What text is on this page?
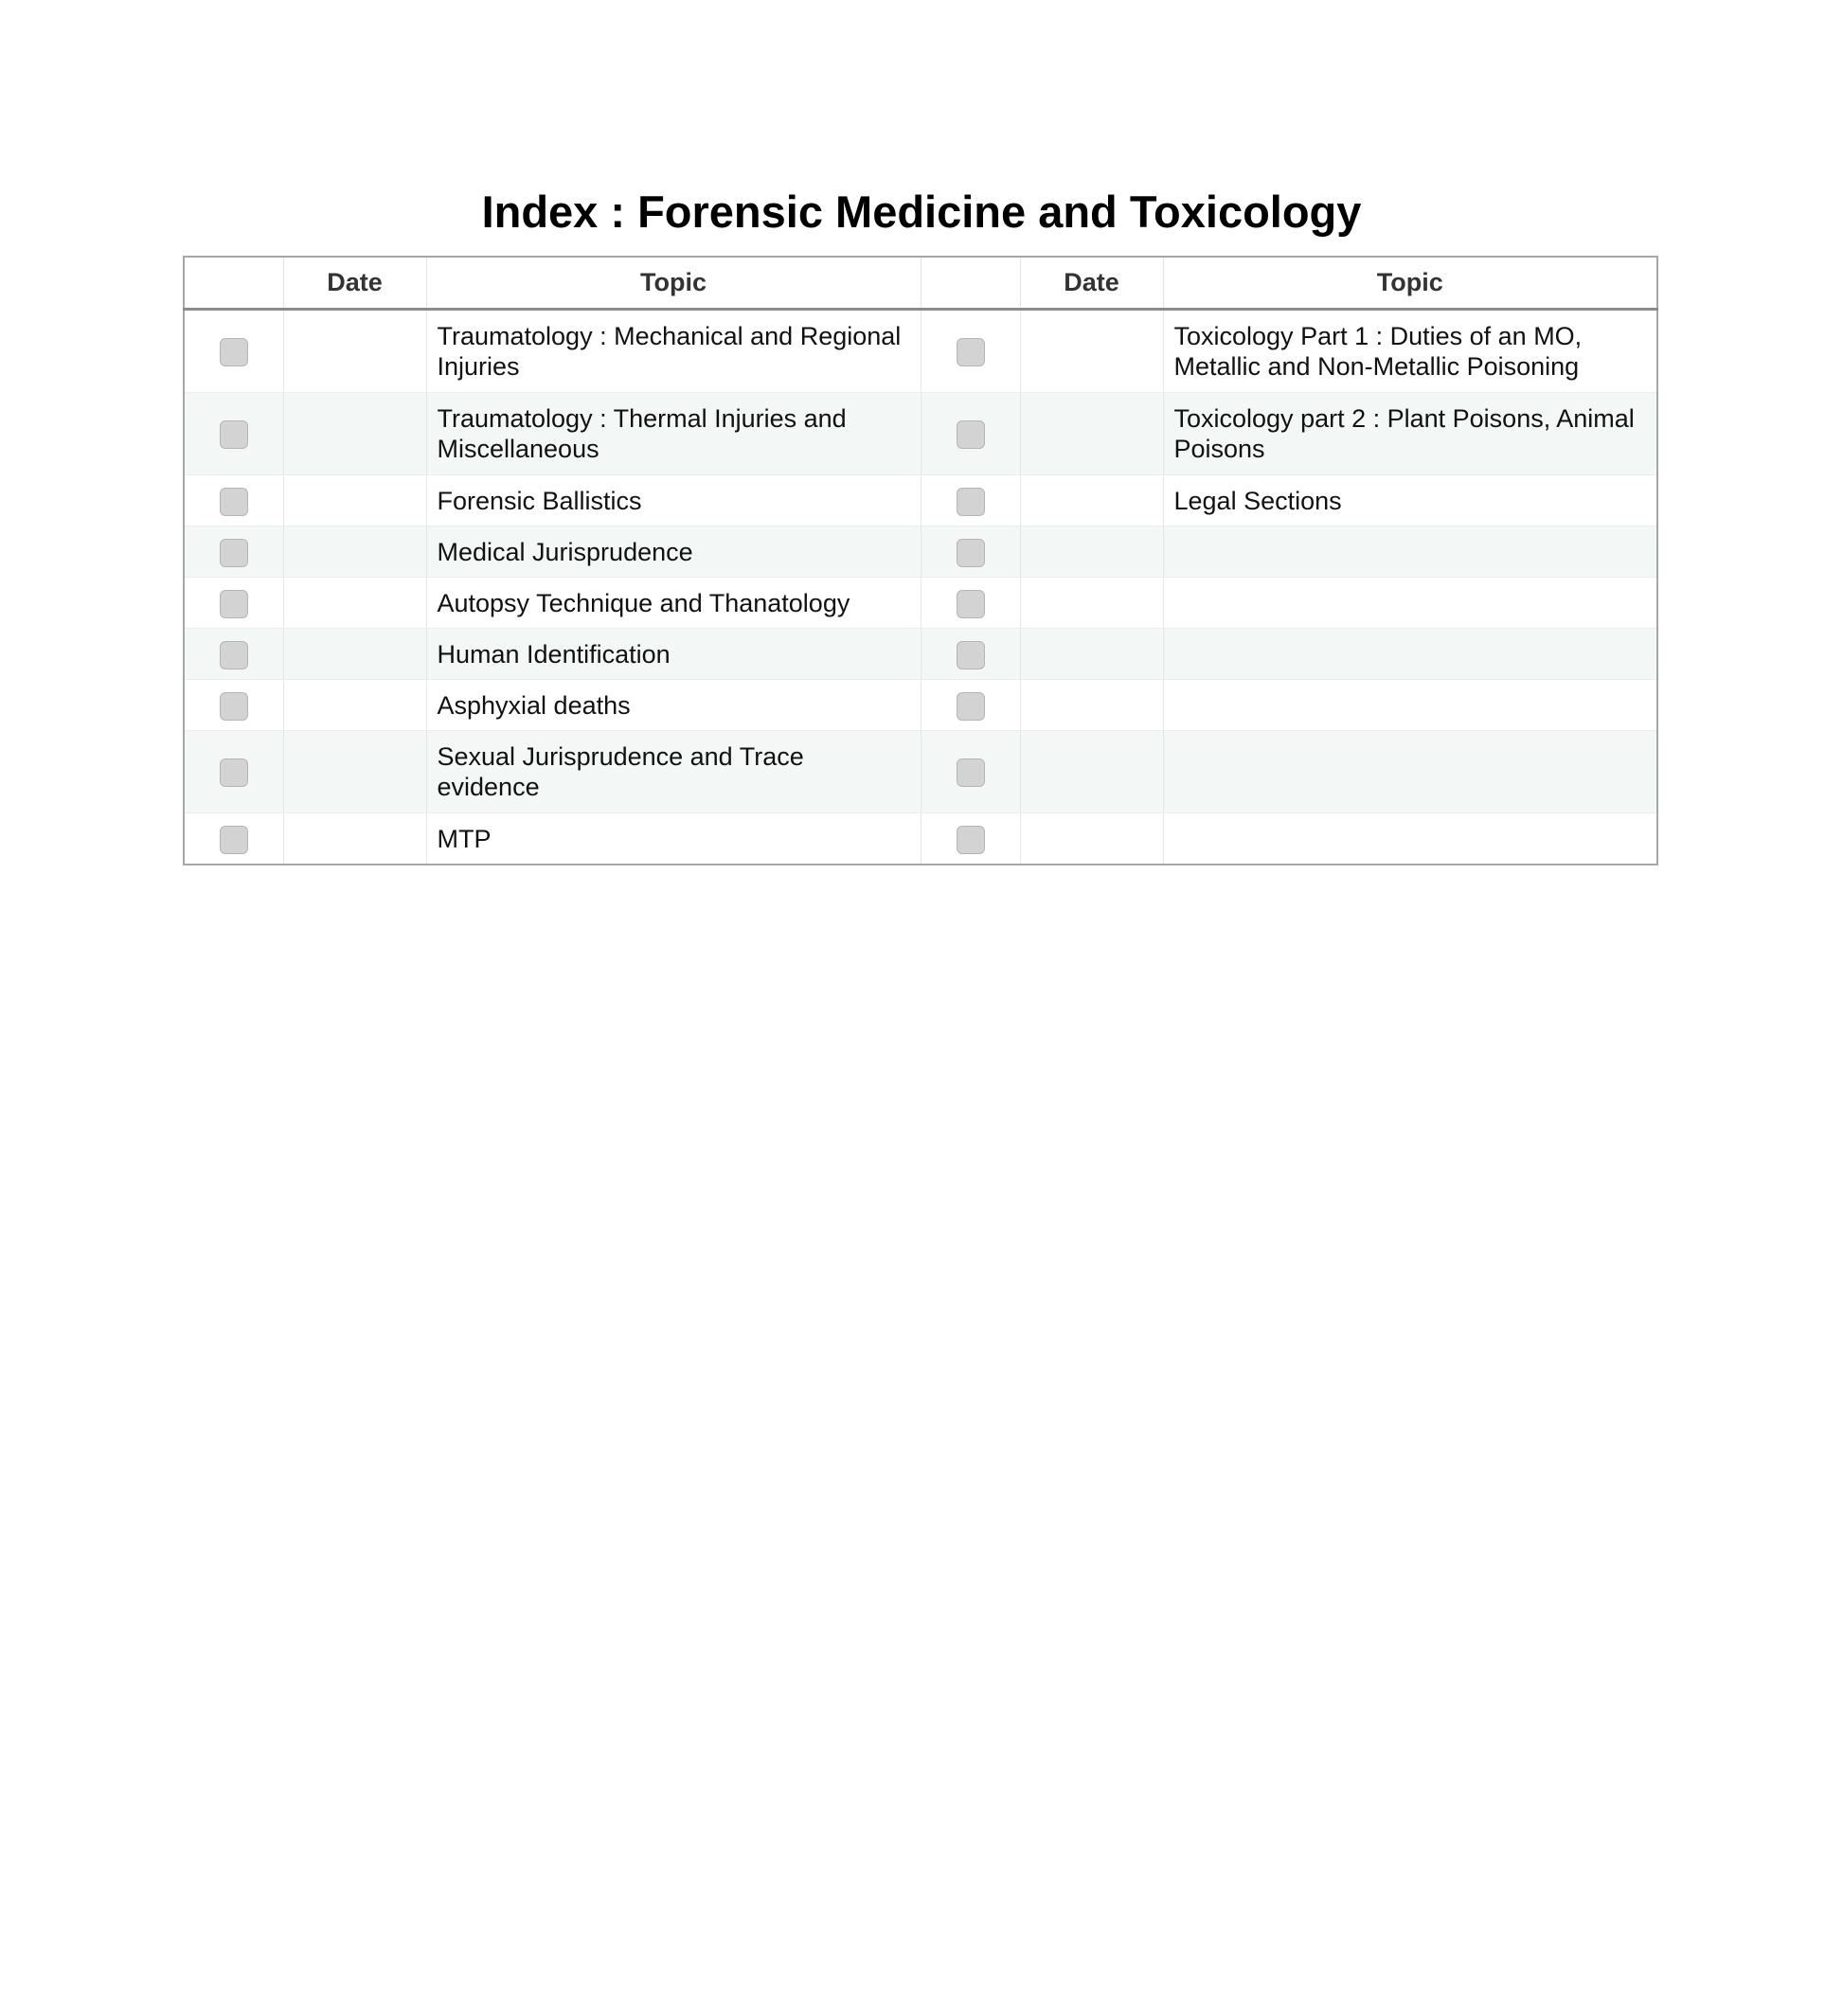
Index : Forensic Medicine and Toxicology
	Date	Topic		Date	Topic
		Traumatology : Mechanical and Regional Injuries			Toxicology Part 1 : Duties of an MO, Metallic and Non-Metallic Poisoning
		Traumatology : Thermal Injuries and Miscellaneous			Toxicology part 2 : Plant Poisons, Animal Poisons
		Forensic Ballistics			Legal Sections
		Medical Jurisprudence			
		Autopsy Technique and Thanatology			
		Human Identification			
		Asphyxial deaths			
		Sexual Jurisprudence and Trace evidence			
		MTP			
